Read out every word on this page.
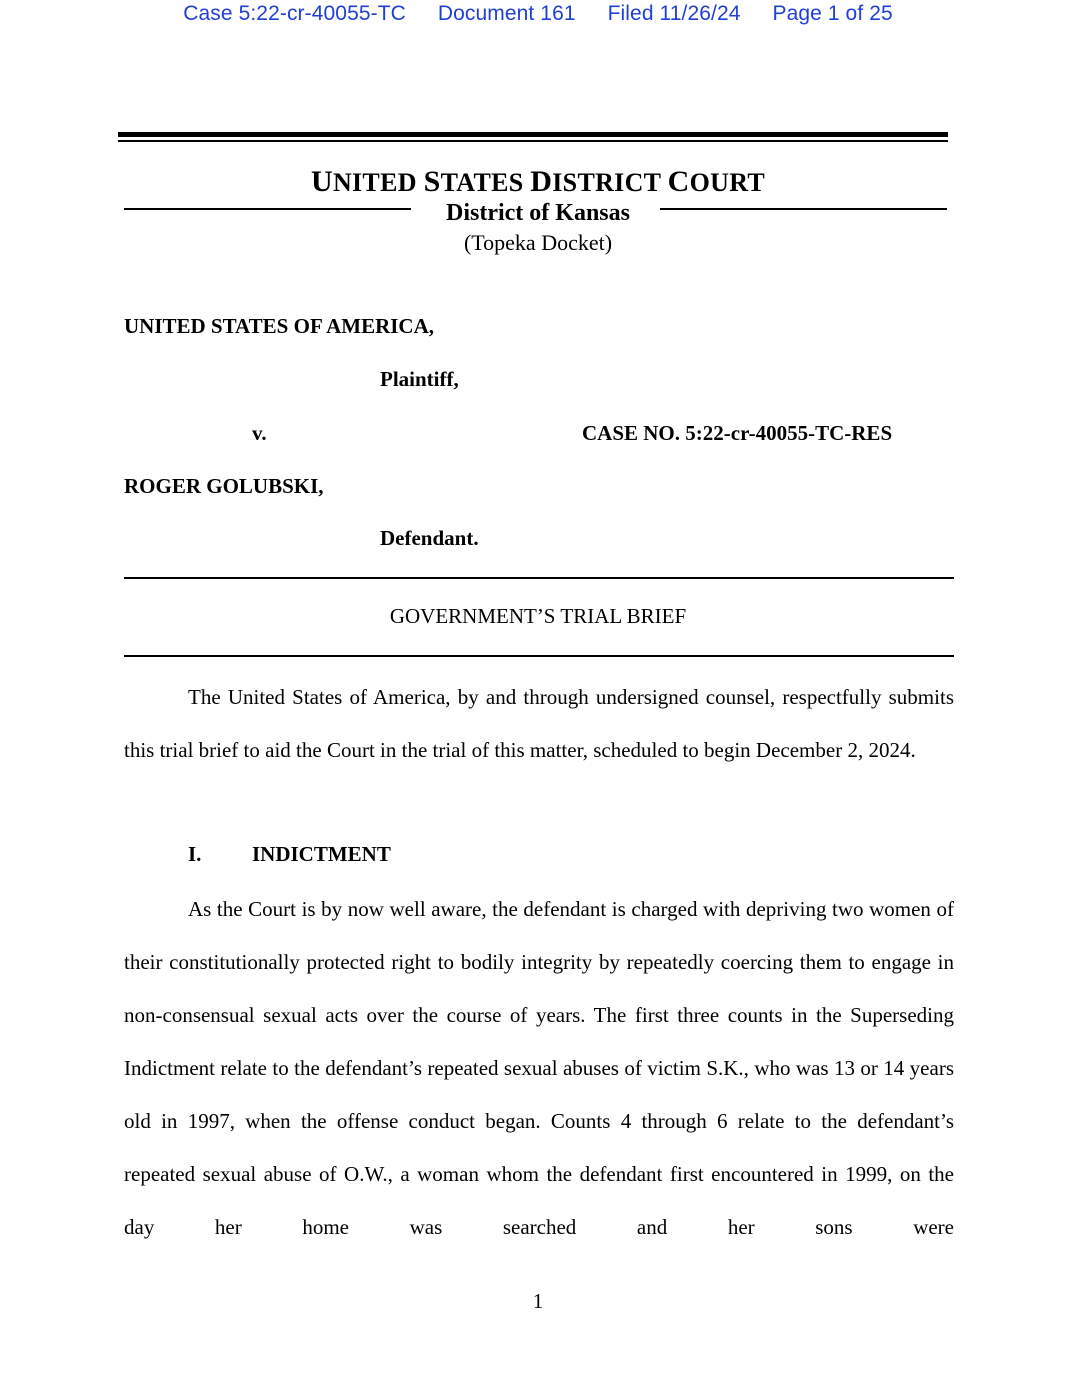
Case 5:22-cr-40055-TC Document 161 Filed 11/26/24 Page 1 of 25
UNITED STATES DISTRICT COURT
District of Kansas
(Topeka Docket)
UNITED STATES OF AMERICA,
Plaintiff,
v.	CASE NO. 5:22-cr-40055-TC-RES
ROGER GOLUBSKI,
Defendant.
GOVERNMENT’S TRIAL BRIEF
The United States of America, by and through undersigned counsel, respectfully submits this trial brief to aid the Court in the trial of this matter, scheduled to begin December 2, 2024.
I. INDICTMENT
As the Court is by now well aware, the defendant is charged with depriving two women of their constitutionally protected right to bodily integrity by repeatedly coercing them to engage in non-consensual sexual acts over the course of years. The first three counts in the Superseding Indictment relate to the defendant’s repeated sexual abuses of victim S.K., who was 13 or 14 years old in 1997, when the offense conduct began. Counts 4 through 6 relate to the defendant’s repeated sexual abuse of O.W., a woman whom the defendant first encountered in 1999, on the day her home was searched and her sons were
1
